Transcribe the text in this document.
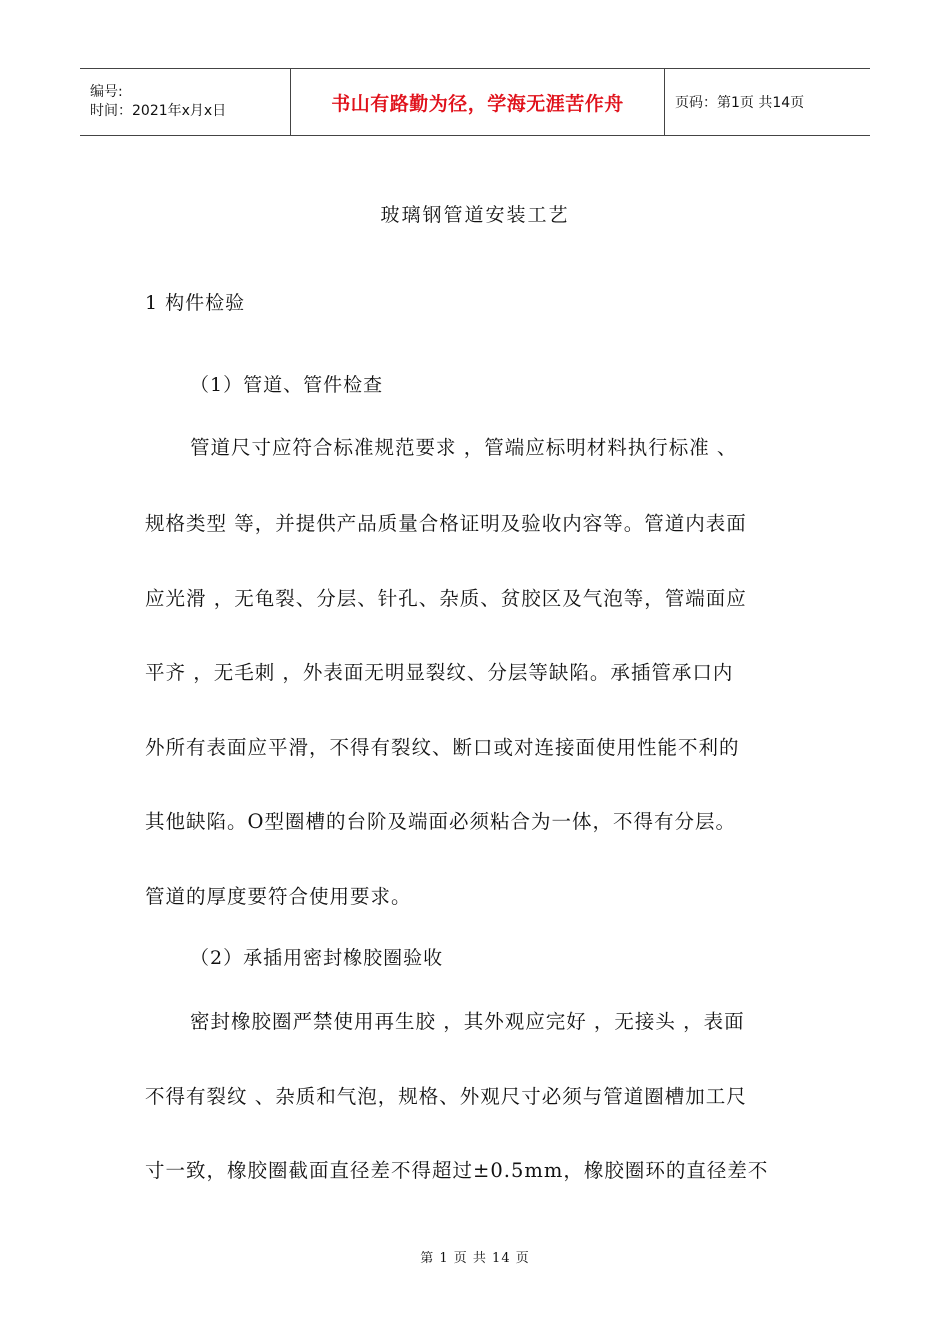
编号:
时间：2021年x月x日	书山有路勤为径，学海无涯苦作舟	页码：第1页 共14页
玻璃钢管道安装工艺
1 构件检验
（1）管道、管件检查
管道尺寸应符合标准规范要求 ，管端应标明材料执行标准 、
规格类型 等，并提供产品质量合格证明及验收内容等。管道内表面
应光滑 ，无龟裂、分层、针孔、杂质、贫胶区及气泡等，管端面应
平齐 ，无毛刺 ，外表面无明显裂纹、分层等缺陷。承插管承口内
外所有表面应平滑，不得有裂纹、断口或对连接面使用性能不利的
其他缺陷。O型圈槽的台阶及端面必须粘合为一体，不得有分层。
管道的厚度要符合使用要求。
（2）承插用密封橡胶圈验收
密封橡胶圈严禁使用再生胶 ，其外观应完好 ，无接头 ，表面
不得有裂纹 、杂质和气泡，规格、外观尺寸必须与管道圈槽加工尺
寸一致，橡胶圈截面直径差不得超过±0.5mm，橡胶圈环的直径差不
第 1 页 共 14 页
